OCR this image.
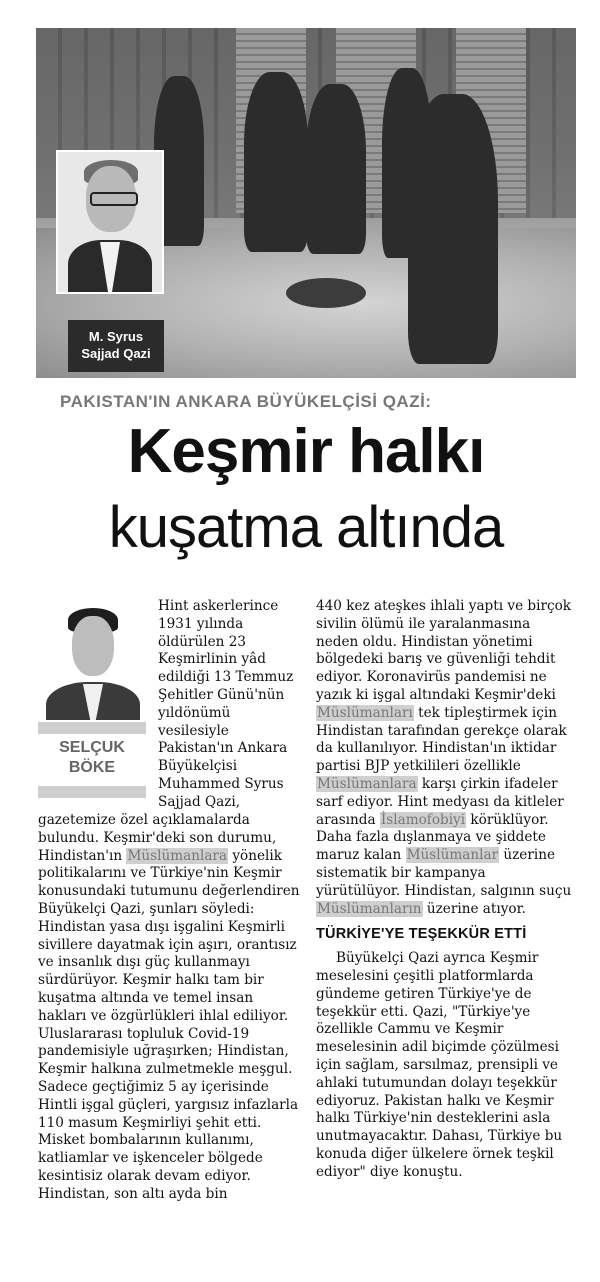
M. Syrus
Sajjad Qazi
PAKISTAN'IN ANKARA BÜYÜKELÇİSİ QAZİ:
Keşmir halkı
kuşatma altında
SELÇUK
BÖKE

Hint askerlerince 1931 yılında öldürülen 23 Keşmirlinin yâd edildiği 13 Temmuz Şehitler Günü'nün yıldönümü vesilesiyle Pakistan'ın Ankara Büyükelçisi Muhammed Syrus Sajjad Qazi,

gazetemize özel açıklamalarda bulundu. Keşmir'deki son durumu, Hindistan'ın Müslümanlara yönelik politikalarını ve Türkiye'nin Keşmir konusundaki tutumunu değerlendiren Büyükelçi Qazi, şunları söyledi: Hindistan yasa dışı işgalini Keşmirli sivillere dayatmak için aşırı, orantısız ve insanlık dışı güç kullanmayı sürdürüyor. Keşmir halkı tam bir kuşatma altında ve temel insan hakları ve özgürlükleri ihlal ediliyor. Uluslararası topluluk Covid-19 pandemisiyle uğraşırken; Hindistan, Keşmir halkına zulmetmekle meşgul. Sadece geçtiğimiz 5 ay içerisinde Hintli işgal güçleri, yargısız infazlarla 110 masum Keşmirliyi şehit etti. Misket bombalarının kullanımı, katliamlar ve işkenceler bölgede kesintisiz olarak devam ediyor. Hindistan, son altı ayda bin

440 kez ateşkes ihlali yaptı ve birçok sivilin ölümü ile yaralanmasına neden oldu. Hindistan yönetimi bölgedeki barış ve güvenliği tehdit ediyor. Koronavirüs pandemisi ne yazık ki işgal altındaki Keşmir'deki Müslümanları tek tipleştirmek için Hindistan tarafından gerekçe olarak da kullanılıyor. Hindistan'ın iktidar partisi BJP yetkilileri özellikle Müslümanlara karşı çirkin ifadeler sarf ediyor. Hint medyası da kitleler arasında İslamofobiyi körüklüyor. Daha fazla dışlanmaya ve şiddete maruz kalan Müslümanlar üzerine sistematik bir kampanya yürütülüyor. Hindistan, salgının suçu Müslümanların üzerine atıyor.

TÜRKİYE'YE TEŞEKKÜR ETTİ

Büyükelçi Qazi ayrıca Keşmir meselesini çeşitli platformlarda gündeme getiren Türkiye'ye de teşekkür etti. Qazi, "Türkiye'ye özellikle Cammu ve Keşmir meselesinin adil biçimde çözülmesi için sağlam, sarsılmaz, prensipli ve ahlaki tutumundan dolayı teşekkür ediyoruz. Pakistan halkı ve Keşmir halkı Türkiye'nin desteklerini asla unutmayacaktır. Dahası, Türkiye bu konuda diğer ülkelere örnek teşkil ediyor" diye konuştu.
